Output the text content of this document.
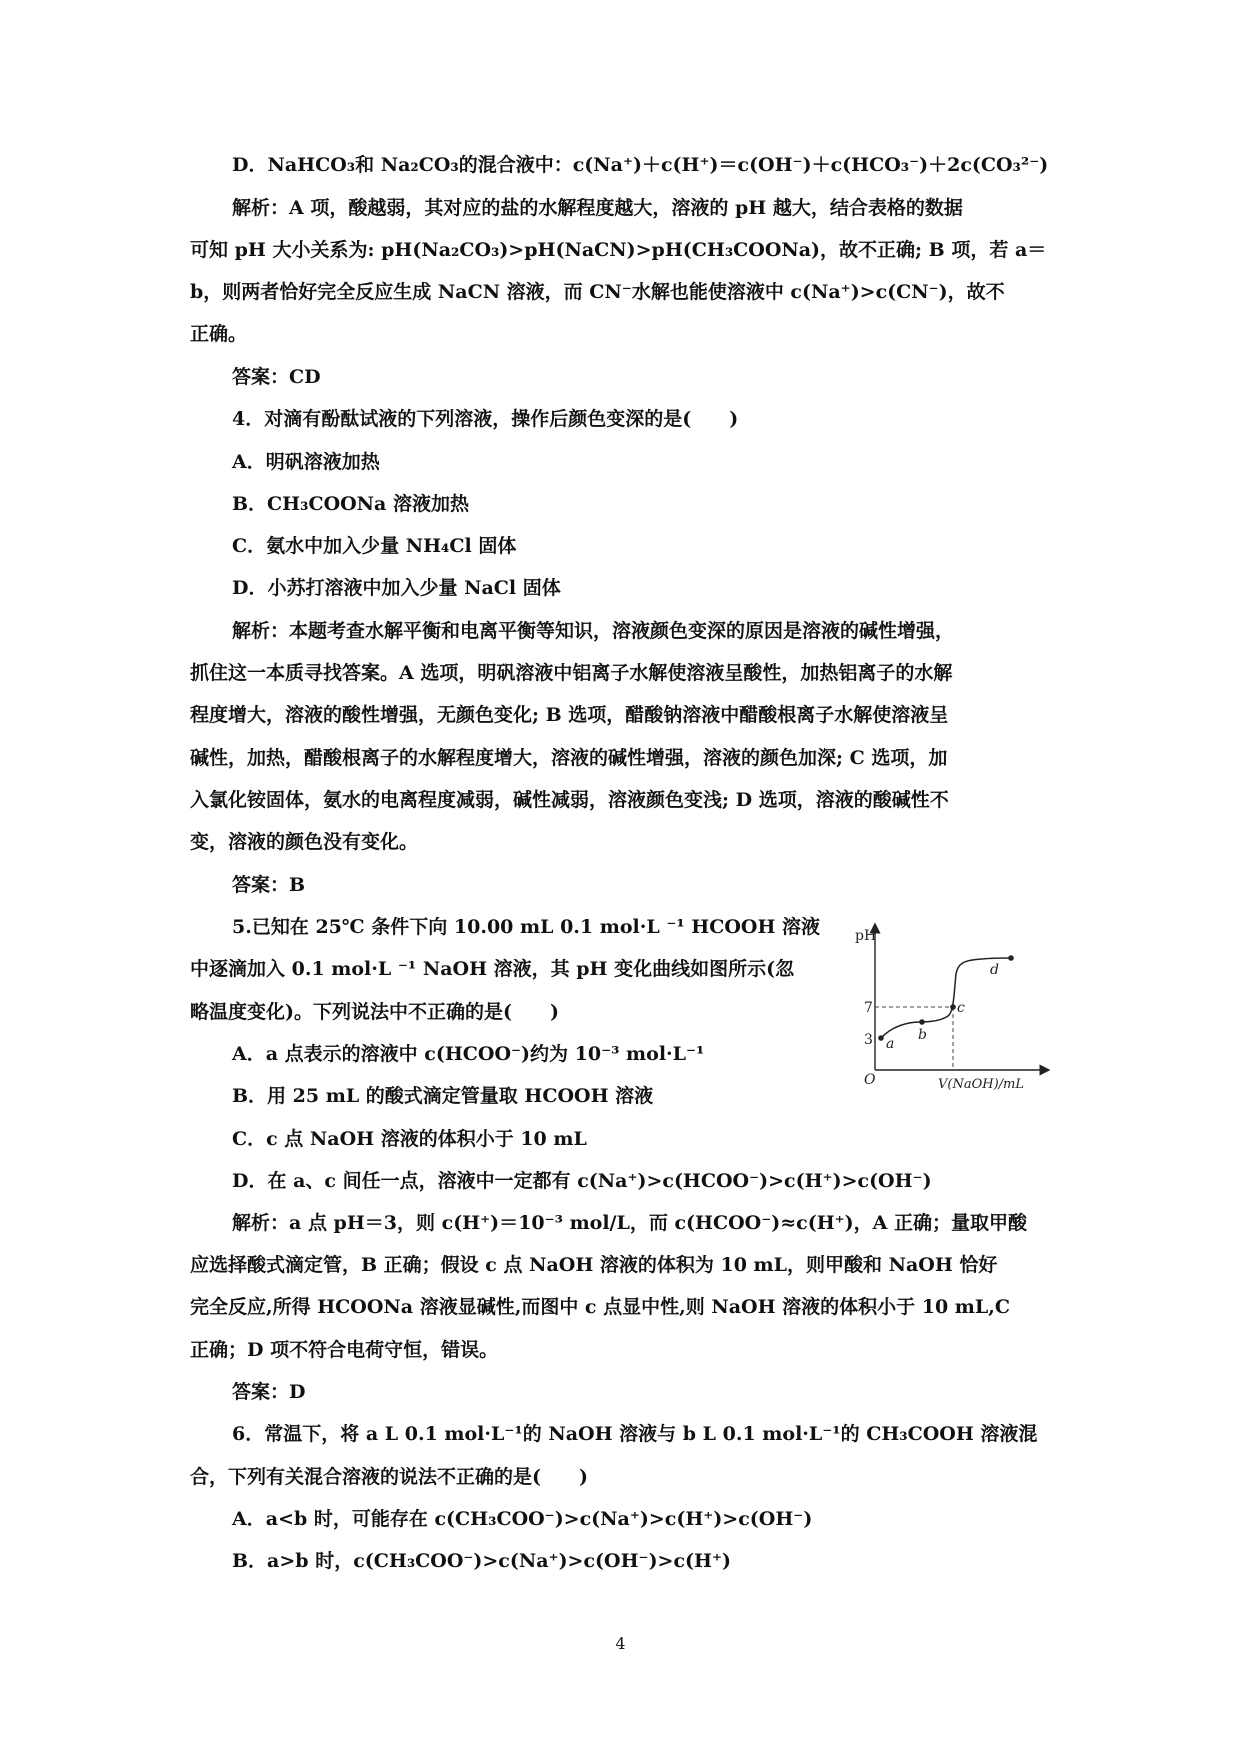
D．NaHCO₃和 Na₂CO₃的混合液中：c(Na⁺)＋c(H⁺)＝c(OH⁻)＋c(HCO₃⁻)＋2c(CO₃²⁻)
解析：A 项，酸越弱，其对应的盐的水解程度越大，溶液的 pH 越大，结合表格的数据
可知 pH 大小关系为: pH(Na₂CO₃)>pH(NaCN)>pH(CH₃COONa)，故不正确; B 项，若 a＝
b，则两者恰好完全反应生成 NaCN 溶液，而 CN⁻水解也能使溶液中 c(Na⁺)>c(CN⁻)，故不
正确。
答案：CD
4．对滴有酚酞试液的下列溶液，操作后颜色变深的是(　　)
A．明矾溶液加热
B．CH₃COONa 溶液加热
C．氨水中加入少量 NH₄Cl 固体
D．小苏打溶液中加入少量 NaCl 固体
解析：本题考查水解平衡和电离平衡等知识，溶液颜色变深的原因是溶液的碱性增强，
抓住这一本质寻找答案。A 选项，明矾溶液中铝离子水解使溶液呈酸性，加热铝离子的水解
程度增大，溶液的酸性增强，无颜色变化; B 选项，醋酸钠溶液中醋酸根离子水解使溶液呈
碱性，加热，醋酸根离子的水解程度增大，溶液的碱性增强，溶液的颜色加深; C 选项，加
入氯化铵固体，氨水的电离程度减弱，碱性减弱，溶液颜色变浅; D 选项，溶液的酸碱性不
变，溶液的颜色没有变化。
答案：B
5.已知在 25℃ 条件下向 10.00 mL 0.1 mol·L ⁻¹ HCOOH 溶液
中逐滴加入 0.1 mol·L ⁻¹ NaOH 溶液，其 pH 变化曲线如图所示(忽
略温度变化)。下列说法中不正确的是(　　)
A．a 点表示的溶液中 c(HCOO⁻)约为 10⁻³ mol·L⁻¹
B．用 25 mL 的酸式滴定管量取 HCOOH 溶液
C．c 点 NaOH 溶液的体积小于 10 mL
D．在 a、c 间任一点，溶液中一定都有 c(Na⁺)>c(HCOO⁻)>c(H⁺)>c(OH⁻)
解析：a 点 pH＝3，则 c(H⁺)＝10⁻³ mol/L，而 c(HCOO⁻)≈c(H⁺)，A 正确；量取甲酸
应选择酸式滴定管，B 正确；假设 c 点 NaOH 溶液的体积为 10 mL，则甲酸和 NaOH 恰好
完全反应,所得 HCOONa 溶液显碱性,而图中 c 点显中性,则 NaOH 溶液的体积小于 10 mL,C
正确；D 项不符合电荷守恒，错误。
答案：D
6．常温下，将 a L 0.1 mol·L⁻¹的 NaOH 溶液与 b L 0.1 mol·L⁻¹的 CH₃COOH 溶液混
合，下列有关混合溶液的说法不正确的是(　　)
A．a<b 时，可能存在 c(CH₃COO⁻)>c(Na⁺)>c(H⁺)>c(OH⁻)
B．a>b 时，c(CH₃COO⁻)>c(Na⁺)>c(OH⁻)>c(H⁺)
pH
O
7
3 a
b
c
d
V(NaOH)/mL
4
